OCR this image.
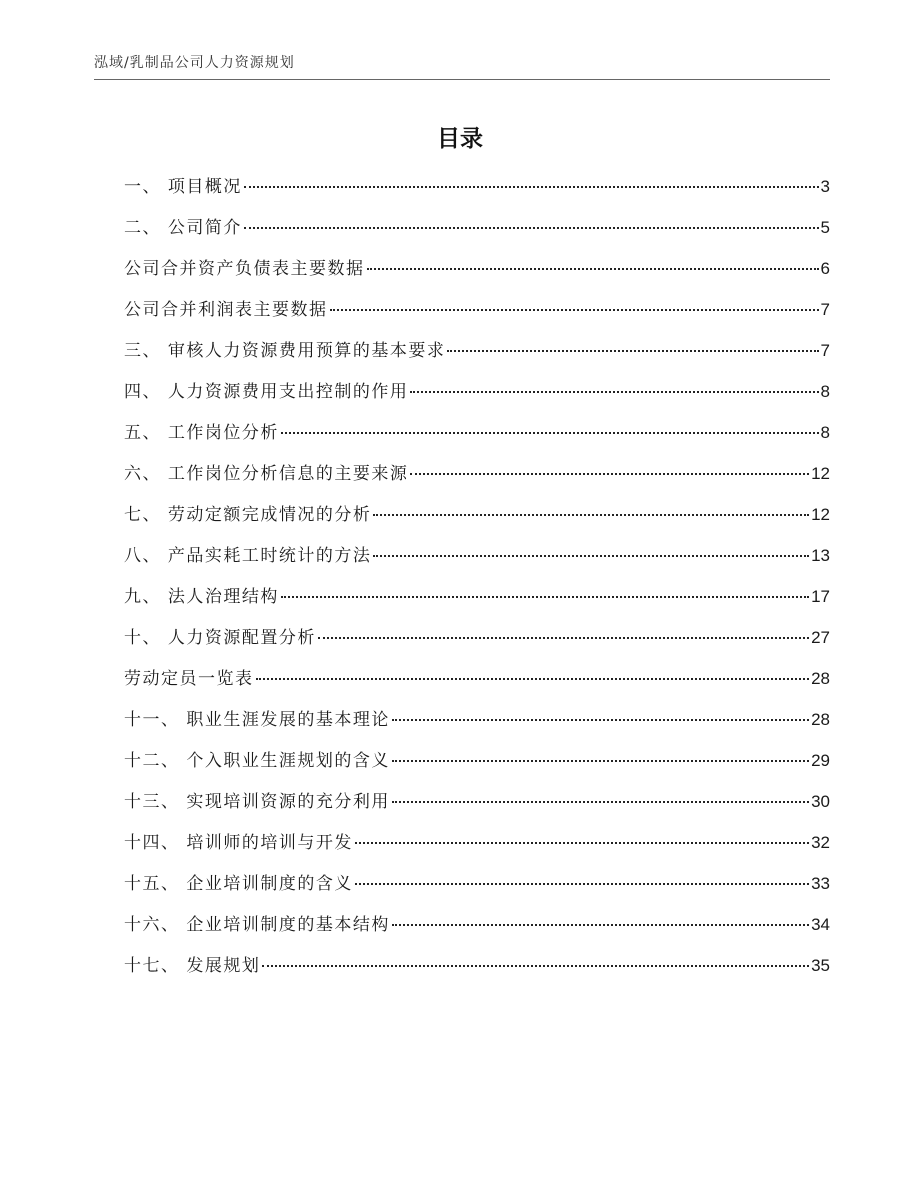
泓域/乳制品公司人力资源规划
目录
一、 项目概况	3
二、 公司简介	5
公司合并资产负债表主要数据	6
公司合并利润表主要数据	7
三、 审核人力资源费用预算的基本要求	7
四、 人力资源费用支出控制的作用	8
五、 工作岗位分析	8
六、 工作岗位分析信息的主要来源	12
七、 劳动定额完成情况的分析	12
八、 产品实耗工时统计的方法	13
九、 法人治理结构	17
十、 人力资源配置分析	27
劳动定员一览表	28
十一、 职业生涯发展的基本理论	28
十二、 个入职业生涯规划的含义	29
十三、 实现培训资源的充分利用	30
十四、 培训师的培训与开发	32
十五、 企业培训制度的含义	33
十六、 企业培训制度的基本结构	34
十七、 发展规划	35
